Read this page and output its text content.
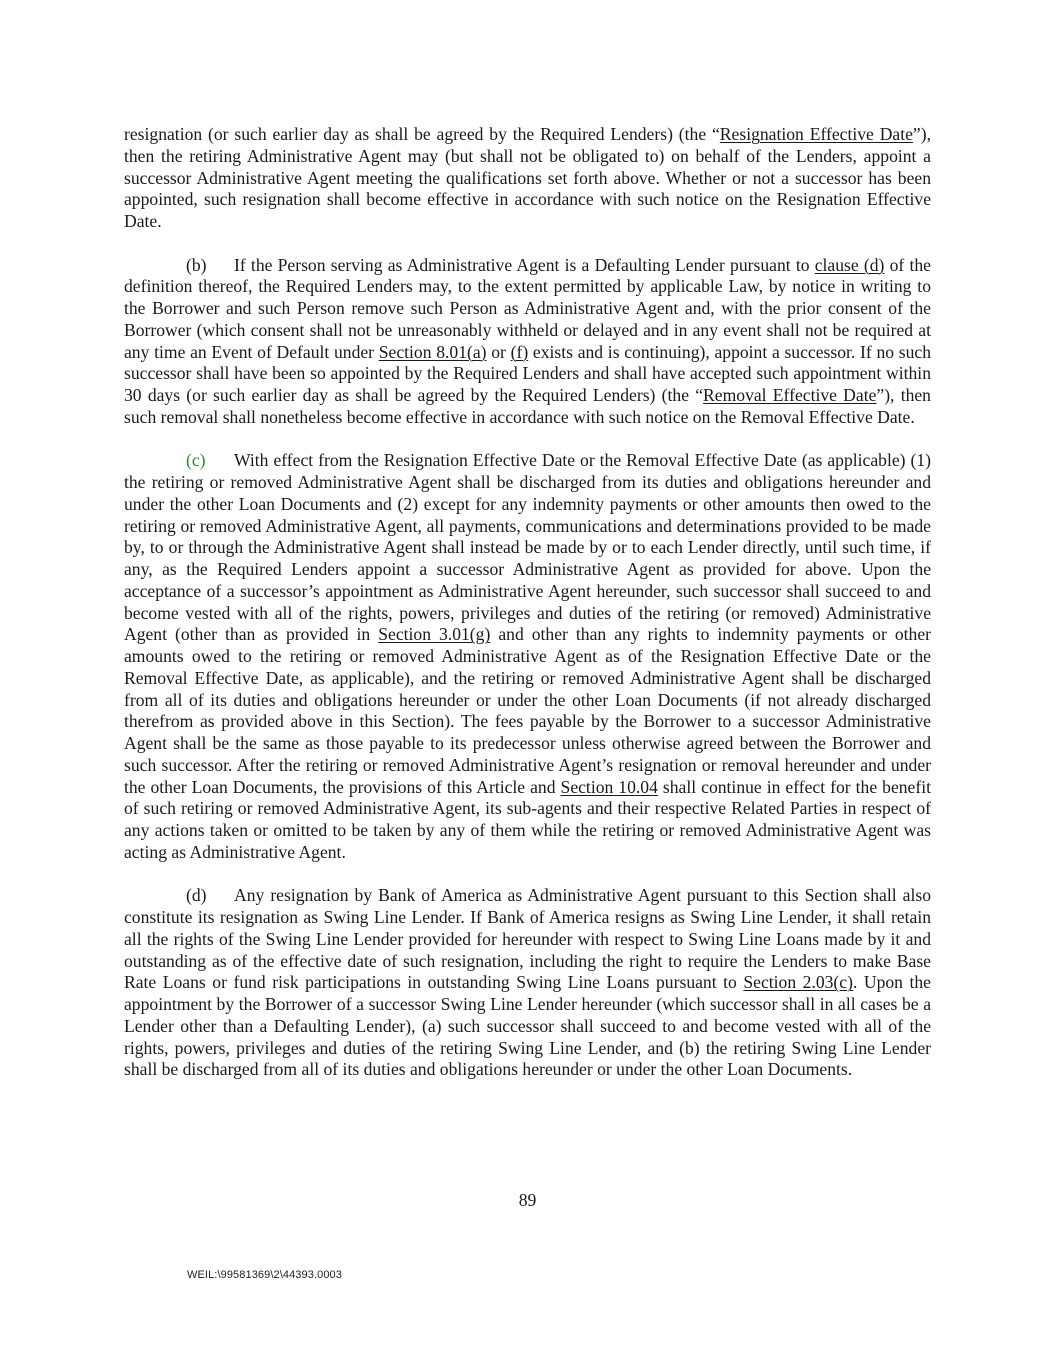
resignation (or such earlier day as shall be agreed by the Required Lenders) (the “Resignation Effective Date”), then the retiring Administrative Agent may (but shall not be obligated to) on behalf of the Lenders, appoint a successor Administrative Agent meeting the qualifications set forth above. Whether or not a successor has been appointed, such resignation shall become effective in accordance with such notice on the Resignation Effective Date.

(b) If the Person serving as Administrative Agent is a Defaulting Lender pursuant to clause (d) of the definition thereof, the Required Lenders may, to the extent permitted by applicable Law, by notice in writing to the Borrower and such Person remove such Person as Administrative Agent and, with the prior consent of the Borrower (which consent shall not be unreasonably withheld or delayed and in any event shall not be required at any time an Event of Default under Section 8.01(a) or (f) exists and is continuing), appoint a successor. If no such successor shall have been so appointed by the Required Lenders and shall have accepted such appointment within 30 days (or such earlier day as shall be agreed by the Required Lenders) (the “Removal Effective Date”), then such removal shall nonetheless become effective in accordance with such notice on the Removal Effective Date.

(c) With effect from the Resignation Effective Date or the Removal Effective Date (as applicable) (1) the retiring or removed Administrative Agent shall be discharged from its duties and obligations hereunder and under the other Loan Documents and (2) except for any indemnity payments or other amounts then owed to the retiring or removed Administrative Agent, all payments, communications and determinations provided to be made by, to or through the Administrative Agent shall instead be made by or to each Lender directly, until such time, if any, as the Required Lenders appoint a successor Administrative Agent as provided for above. Upon the acceptance of a successor’s appointment as Administrative Agent hereunder, such successor shall succeed to and become vested with all of the rights, powers, privileges and duties of the retiring (or removed) Administrative Agent (other than as provided in Section 3.01(g) and other than any rights to indemnity payments or other amounts owed to the retiring or removed Administrative Agent as of the Resignation Effective Date or the Removal Effective Date, as applicable), and the retiring or removed Administrative Agent shall be discharged from all of its duties and obligations hereunder or under the other Loan Documents (if not already discharged therefrom as provided above in this Section). The fees payable by the Borrower to a successor Administrative Agent shall be the same as those payable to its predecessor unless otherwise agreed between the Borrower and such successor. After the retiring or removed Administrative Agent’s resignation or removal hereunder and under the other Loan Documents, the provisions of this Article and Section 10.04 shall continue in effect for the benefit of such retiring or removed Administrative Agent, its sub-agents and their respective Related Parties in respect of any actions taken or omitted to be taken by any of them while the retiring or removed Administrative Agent was acting as Administrative Agent.

(d) Any resignation by Bank of America as Administrative Agent pursuant to this Section shall also constitute its resignation as Swing Line Lender. If Bank of America resigns as Swing Line Lender, it shall retain all the rights of the Swing Line Lender provided for hereunder with respect to Swing Line Loans made by it and outstanding as of the effective date of such resignation, including the right to require the Lenders to make Base Rate Loans or fund risk participations in outstanding Swing Line Loans pursuant to Section 2.03(c). Upon the appointment by the Borrower of a successor Swing Line Lender hereunder (which successor shall in all cases be a Lender other than a Defaulting Lender), (a) such successor shall succeed to and become vested with all of the rights, powers, privileges and duties of the retiring Swing Line Lender, and (b) the retiring Swing Line Lender shall be discharged from all of its duties and obligations hereunder or under the other Loan Documents.

89
WEIL:\99581369\2\44393.0003
